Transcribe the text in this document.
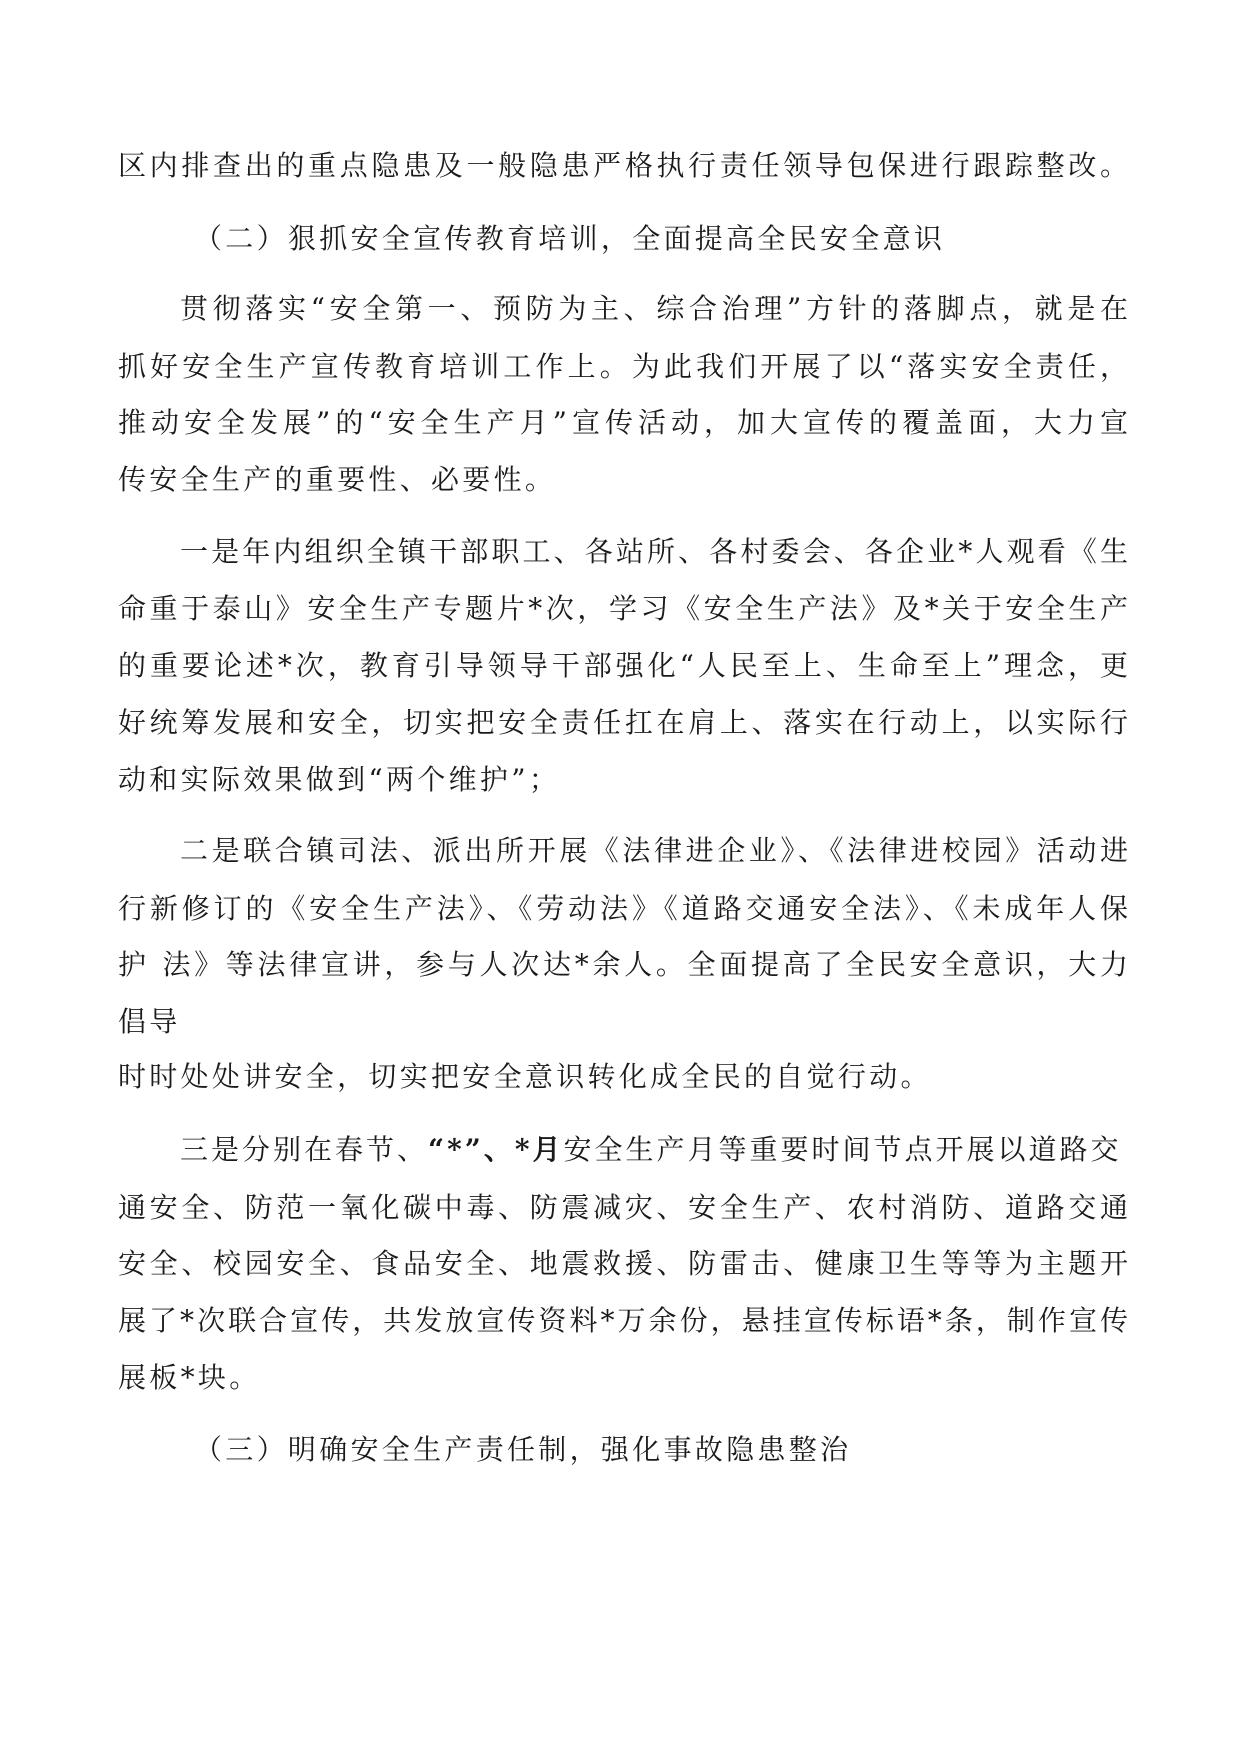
区内排查出的重点隐患及一般隐患严格执行责任领导包保进行跟踪整改。
（二）狠抓安全宣传教育培训，全面提高全民安全意识
贯彻落实“安全第一、预防为主、综合治理”方针的落脚点，就是在
抓好安全生产宣传教育培训工作上。为此我们开展了以“落实安全责任，
推动安全发展”的“安全生产月”宣传活动，加大宣传的覆盖面，大力宣
传安全生产的重要性、必要性。
一是年内组织全镇干部职工、各站所、各村委会、各企业*人观看《生
命重于泰山》安全生产专题片*次，学习《安全生产法》及*关于安全生产
的重要论述*次，教育引导领导干部强化“人民至上、生命至上”理念，更
好统筹发展和安全，切实把安全责任扛在肩上、落实在行动上，以实际行
动和实际效果做到“两个维护”；
二是联合镇司法、派出所开展《法律进企业》、《法律进校园》活动进
行新修订的《安全生产法》、《劳动法》《道路交通安全法》、《未成年人保
护 法》等法律宣讲，参与人次达*余人。全面提高了全民安全意识，大力
倡导
时时处处讲安全，切实把安全意识转化成全民的自觉行动。
三是分别在春节、“*”、*月安全生产月等重要时间节点开展以道路交
通安全、防范一氧化碳中毒、防震减灾、安全生产、农村消防、道路交通
安全、校园安全、食品安全、地震救援、防雷击、健康卫生等等为主题开
展了*次联合宣传，共发放宣传资料*万余份，悬挂宣传标语*条，制作宣传
展板*块。
（三）明确安全生产责任制，强化事故隐患整治
